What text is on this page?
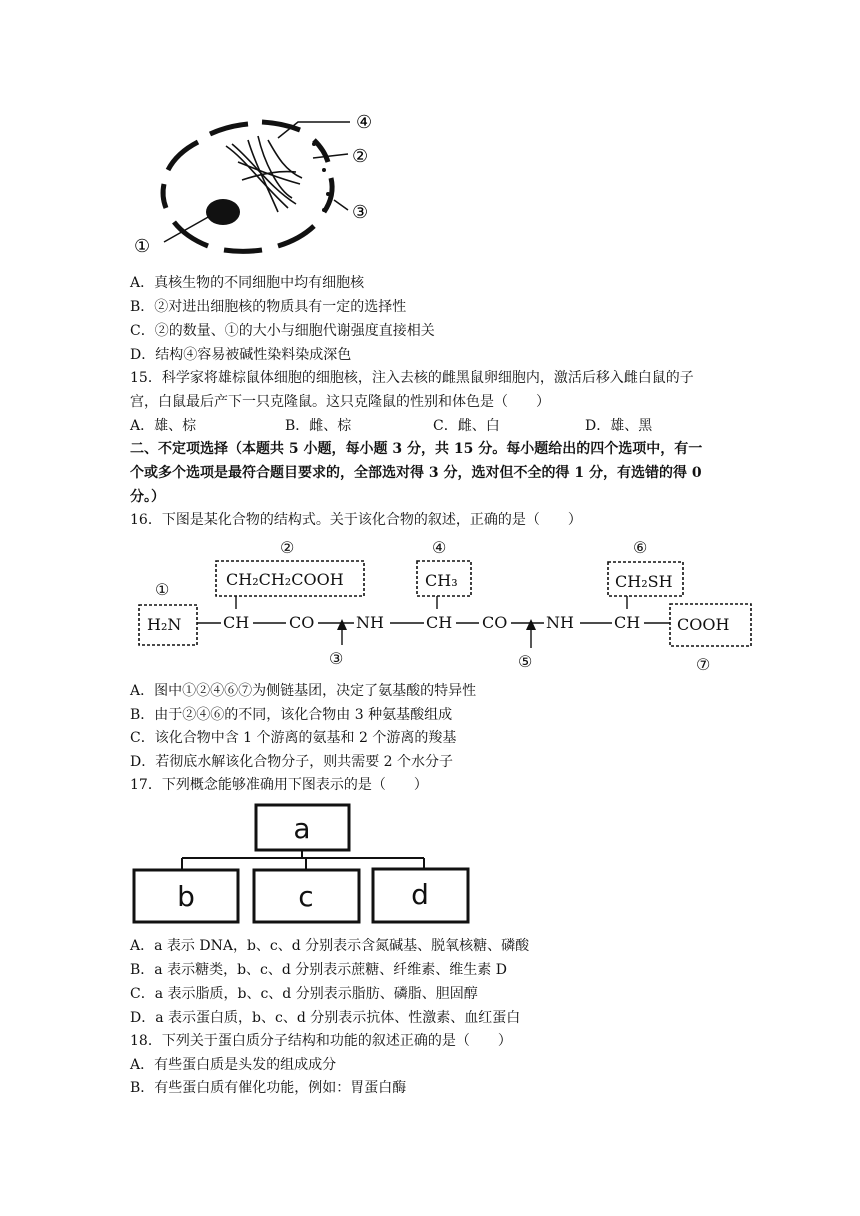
④
②
③
①
A．真核生物的不同细胞中均有细胞核
B．②对进出细胞核的物质具有一定的选择性
C．②的数量、①的大小与细胞代谢强度直接相关
D．结构④容易被碱性染料染成深色
15．科学家将雄棕鼠体细胞的细胞核，注入去核的雌黑鼠卵细胞内，激活后移入雌白鼠的子
宫，白鼠最后产下一只克隆鼠。这只克隆鼠的性别和体色是（　　）
A．雄、棕	B．雌、棕	C．雌、白	D．雄、黑
二、不定项选择（本题共 5 小题，每小题 3 分，共 15 分。每小题给出的四个选项中，有一
个或多个选项是最符合题目要求的，全部选对得 3 分，选对但不全的得 1 分，有选错的得 0
分。）
16．下图是某化合物的结构式。关于该化合物的叙述，正确的是（　　）
②	④	⑥
①
③	⑤	⑦
CH₂CH₂COOH	CH₃	CH₂SH
H₂N	CH CO	NH	CH CO NH	CH COOH
A．图中①②④⑥⑦为侧链基团，决定了氨基酸的特异性
B．由于②④⑥的不同，该化合物由 3 种氨基酸组成
C．该化合物中含 1 个游离的氨基和 2 个游离的羧基
D．若彻底水解该化合物分子，则共需要 2 个水分子
17．下列概念能够准确用下图表示的是（　　）
a
b	c	d
A．a 表示 DNA，b、c、d 分别表示含氮碱基、脱氧核糖、磷酸
B．a 表示糖类，b、c、d 分别表示蔗糖、纤维素、维生素 D
C．a 表示脂质，b、c、d 分别表示脂肪、磷脂、胆固醇
D．a 表示蛋白质，b、c、d 分别表示抗体、性激素、血红蛋白
18．下列关于蛋白质分子结构和功能的叙述正确的是（　　）
A．有些蛋白质是头发的组成成分
B．有些蛋白质有催化功能，例如：胃蛋白酶
